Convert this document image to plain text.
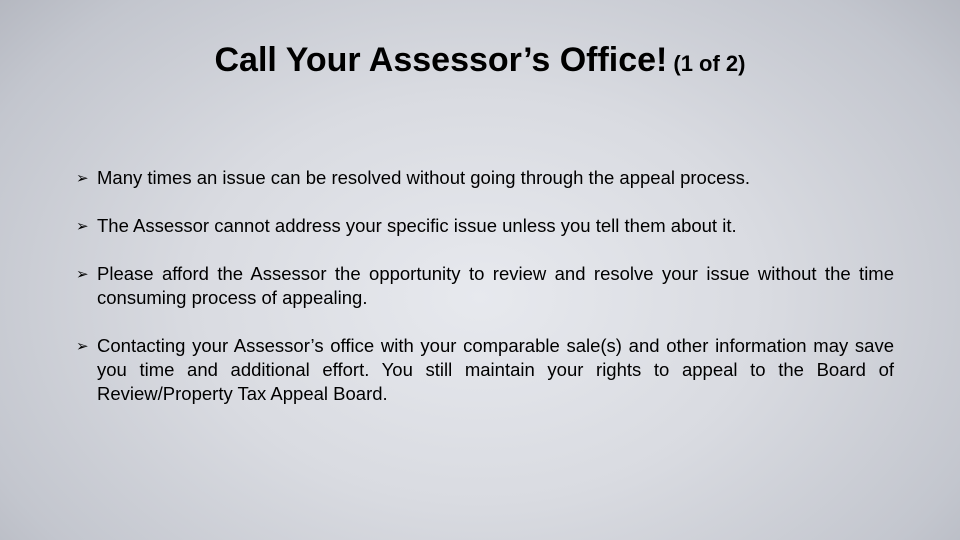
Call Your Assessor’s Office! (1 of 2)
➢ Many times an issue can be resolved without going through the appeal process.
➢ The Assessor cannot address your specific issue unless you tell them about it.
➢ Please afford the Assessor the opportunity to review and resolve your issue without the time consuming process of appealing.
➢ Contacting your Assessor’s office with your comparable sale(s) and other information may save you time and additional effort. You still maintain your rights to appeal to the Board of Review/Property Tax Appeal Board.
